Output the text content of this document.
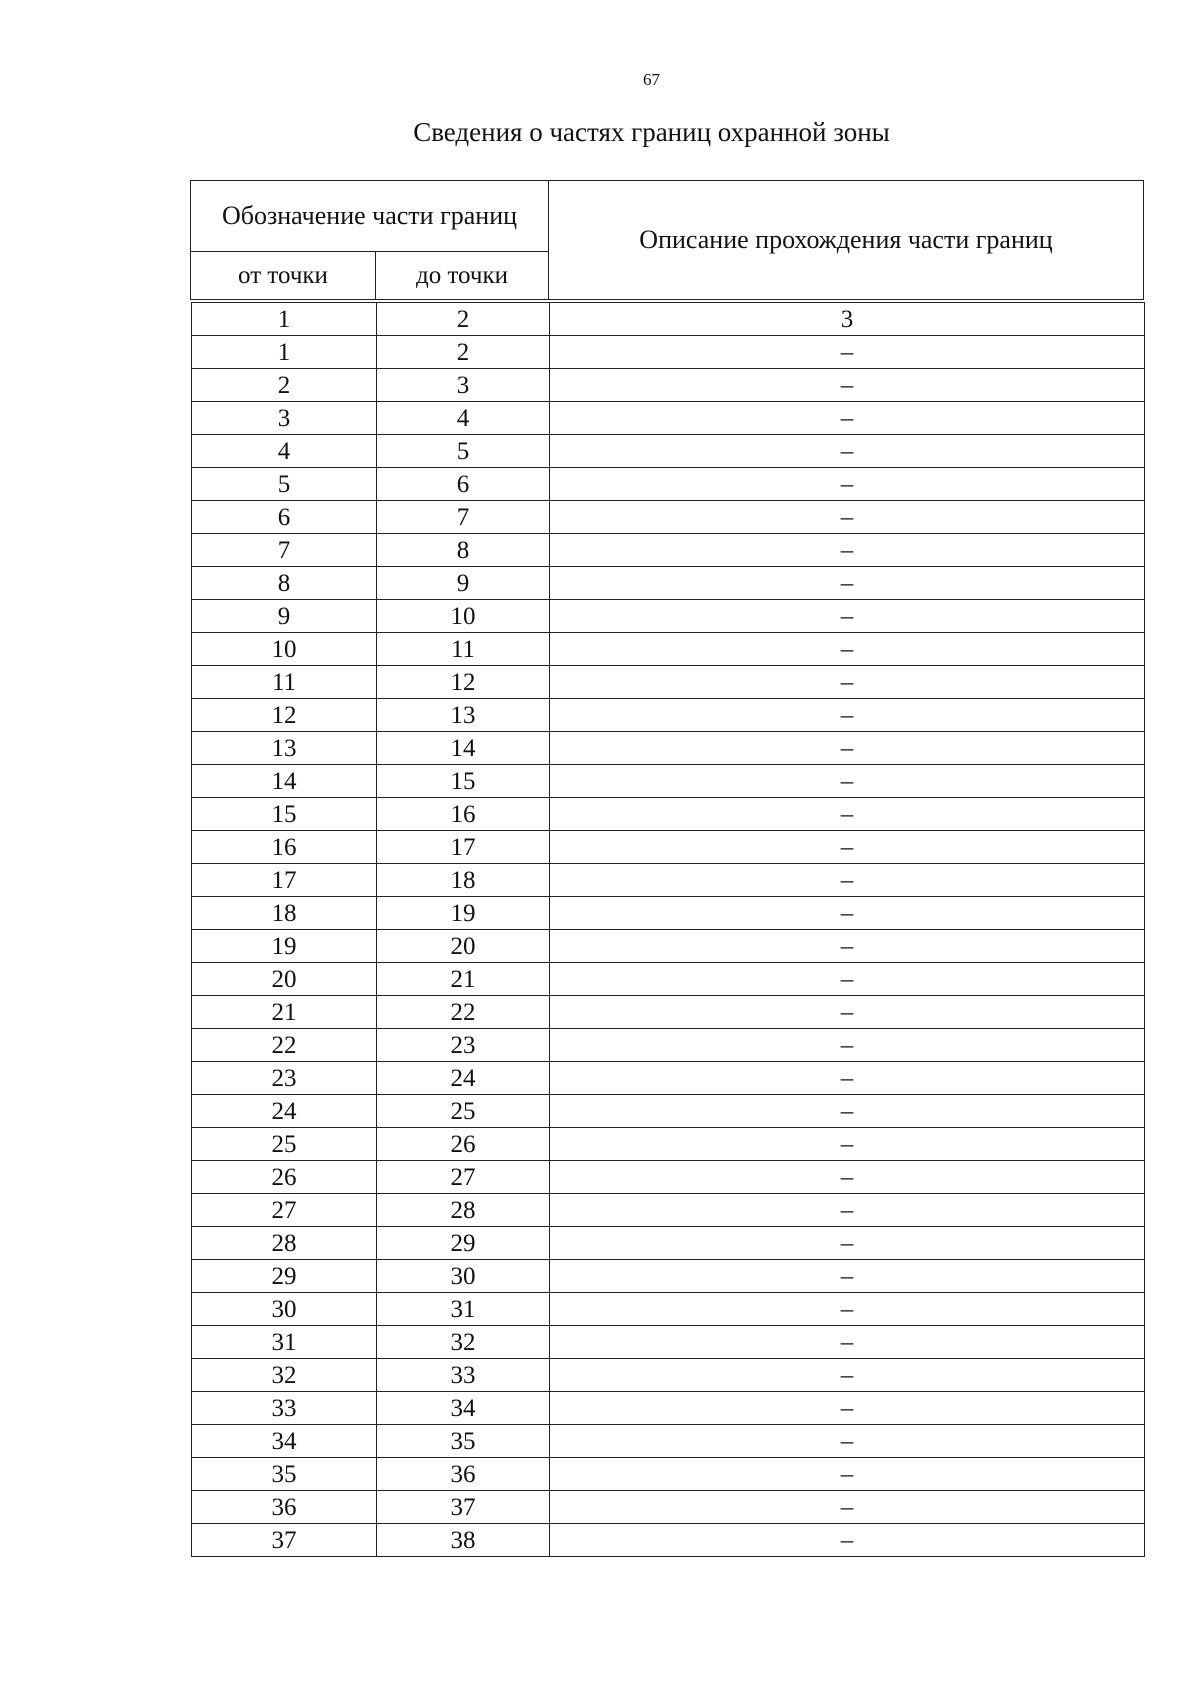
67
Сведения о частях границ охранной зоны
Обозначение части границ		Описание прохождения части границ
от точки	до точки	
1	2	3
1	2	–
2	3	–
3	4	–
4	5	–
5	6	–
6	7	–
7	8	–
8	9	–
9	10	–
10	11	–
11	12	–
12	13	–
13	14	–
14	15	–
15	16	–
16	17	–
17	18	–
18	19	–
19	20	–
20	21	–
21	22	–
22	23	–
23	24	–
24	25	–
25	26	–
26	27	–
27	28	–
28	29	–
29	30	–
30	31	–
31	32	–
32	33	–
33	34	–
34	35	–
35	36	–
36	37	–
37	38	–
